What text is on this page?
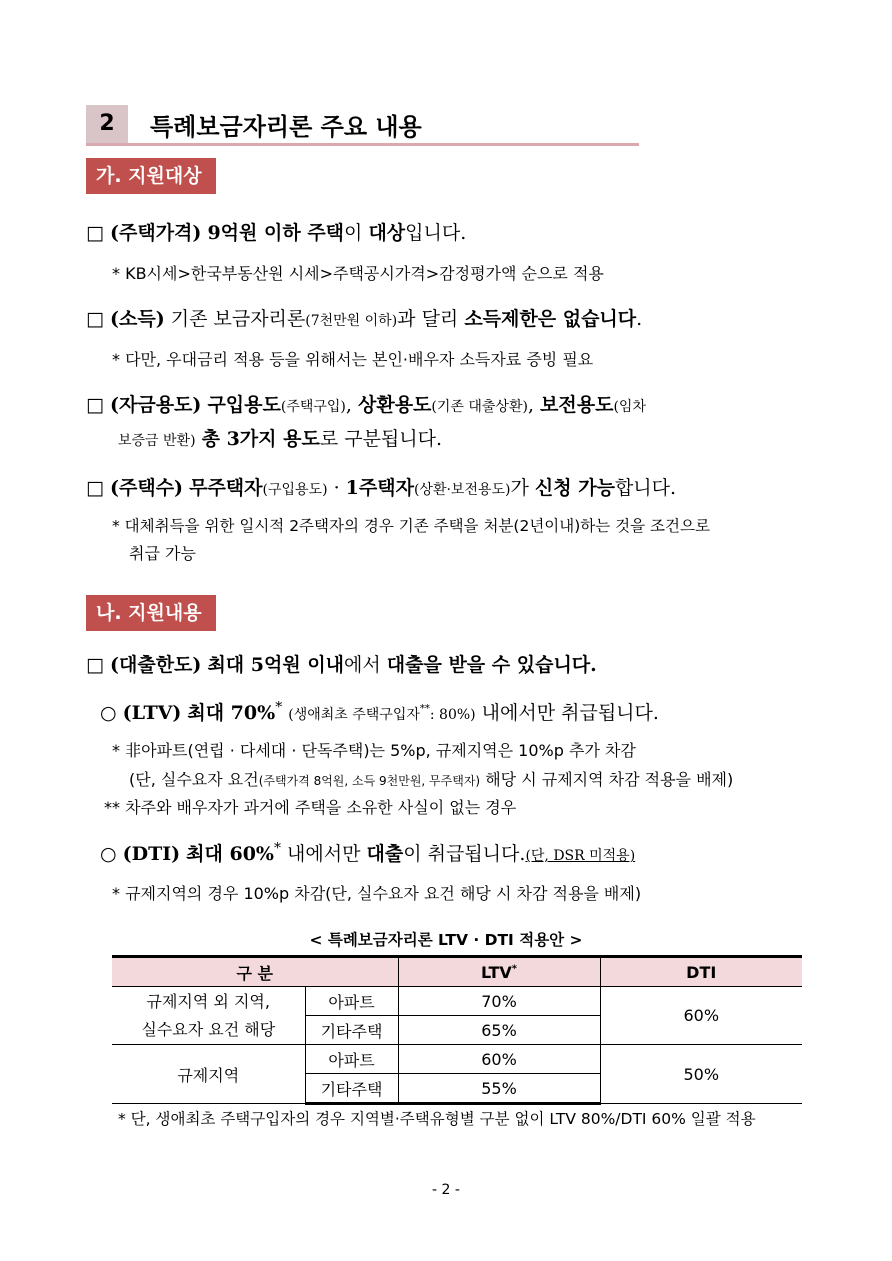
2	특례보금자리론 주요 내용
가. 지원대상
□ (주택가격) 9억원 이하 주택이 대상입니다.
* KB시세>한국부동산원 시세>주택공시가격>감정평가액 순으로 적용
□ (소득) 기존 보금자리론(7천만원 이하)과 달리 소득제한은 없습니다.
* 다만, 우대금리 적용 등을 위해서는 본인·배우자 소득자료 증빙 필요
□ (자금용도) 구입용도(주택구입), 상환용도(기존 대출상환), 보전용도(임차
보증금 반환) 총 3가지 용도로 구분됩니다.
□ (주택수) 무주택자(구입용도) · 1주택자(상환·보전용도)가 신청 가능합니다.
* 대체취득을 위한 일시적 2주택자의 경우 기존 주택을 처분(2년이내)하는 것을 조건으로
취급 가능
나. 지원내용
□ (대출한도) 최대 5억원 이내에서 대출을 받을 수 있습니다.
○ (LTV) 최대 70%* (생애최초 주택구입자**: 80%) 내에서만 취급됩니다.
* 非아파트(연립 · 다세대 · 단독주택)는 5%p, 규제지역은 10%p 추가 차감
(단, 실수요자 요건(주택가격 8억원, 소득 9천만원, 무주택자) 해당 시 규제지역 차감 적용을 배제)
** 차주와 배우자가 과거에 주택을 소유한 사실이 없는 경우
○ (DTI) 최대 60%* 내에서만 대출이 취급됩니다.(단, DSR 미적용)
* 규제지역의 경우 10%p 차감(단, 실수요자 요건 해당 시 차감 적용을 배제)
< 특례보금자리론 LTV · DTI 적용안 >
구 분		LTV*	DTI

규제지역 외 지역,
실수요자 요건 해당	아파트	70%	60%
	기타주택	65%	
규제지역	아파트	60%	50%
	기타주택	55%	
* 단, 생애최초 주택구입자의 경우 지역별·주택유형별 구분 없이 LTV 80%/DTI 60% 일괄 적용
- 2 -
